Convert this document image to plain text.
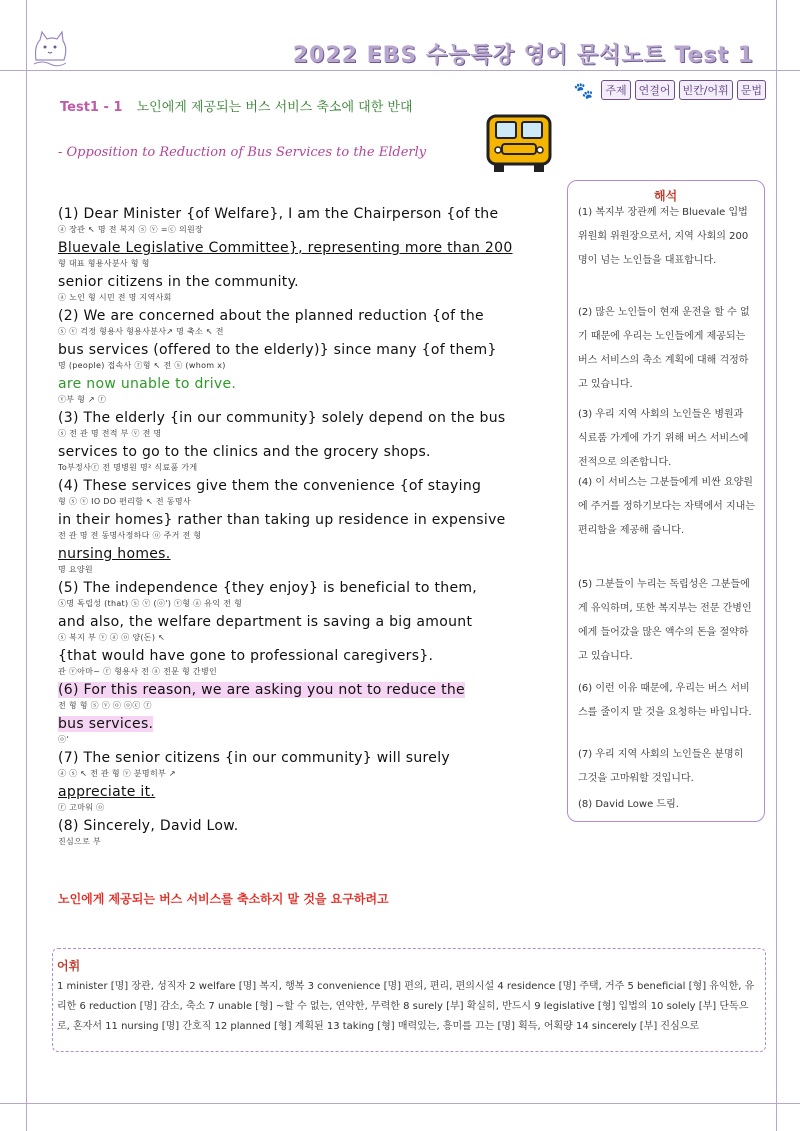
2022 EBS 수능특강 영어 문석노트 Test 1
🐾	주제	연결어	빈칸/어휘	문법
Test1 - 1 노인에게 제공되는 버스 서비스 축소에 대한 반대
- Opposition to Reduction of Bus Services to the Elderly
(1) Dear Minister {of Welfare}, I am the Chairperson {of the
ⓐ 장관 ↖ 명 전 복지 ⓢ ⓥ =ⓒ 의원장
Bluevale Legislative Committee}, representing more than 200
형 대표 형용사분사 형 형
senior citizens in the community.
ⓐ 노인 형 시민 전 명 지역사회
(2) We are concerned about the planned reduction {of the
ⓢ ⓥ 걱정 형용사 형용사분사↗ 명 축소 ↖ 전
bus services (offered to the elderly)} since many {of them}
명 (people) 접속사 ⓡ형 ↖ 전 ⓢ (whom x)
are now unable to drive.
ⓥ부 형 ↗ ⓡ
(3) The elderly {in our community} solely depend on the bus
ⓢ 전 관 명 전적 부 ⓥ 전 명
services to go to the clinics and the grocery shops.
To부정사ⓡ 전 명병원 명² 식료품 가게
(4) These services give them the convenience {of staying
형 ⓢ ⓥ IO DO 편리함 ↖ 전 동명사
in their homes} rather than taking up residence in expensive
전 관 명 전 동명사정하다 ⓞ 주거 전 형
nursing homes.
명 요양원
(5) The independence {they enjoy} is beneficial to them,
ⓢ명 독립성 (that) ⓢ ⓥ (ⓞ') ⓥ형 ⓐ 유익 전 형
and also, the welfare department is saving a big amount
ⓢ 복지 부 ⓥ ⓐ ⓞ 양(돈) ↖
{that would have gone to professional caregivers}.
관 ⓥ아마~ ⓡ 형용사 전 ⓐ 전문 형 간병인
(6) For this reason, we are asking you not to reduce the
전 형 형 ⓢ ⓥ ⓞ ⓞⓒ ⓡ
bus services.
ⓞ'
(7) The senior citizens {in our community} will surely
ⓐ ⓢ ↖ 전 관 형 ⓥ 분명히부 ↗
appreciate it.
ⓡ 고마워 ⓞ
(8) Sincerely, David Low.
진심으로 부
해석
(1) 복지부 장관께 저는 Bluevale 입법 위원회 위원장으로서, 지역 사회의 200명이 넘는 노인들을 대표합니다.
(2) 많은 노인들이 현재 운전을 할 수 없기 때문에 우리는 노인들에게 제공되는 버스 서비스의 축소 계획에 대해 걱정하고 있습니다.
(3) 우리 지역 사회의 노인들은 병원과 식료품 가게에 가기 위해 버스 서비스에 전적으로 의존합니다.
(4) 이 서비스는 그분들에게 비싼 요양원에 주거를 정하기보다는 자택에서 지내는 편리함을 제공해 줍니다.
(5) 그분들이 누리는 독립성은 그분들에게 유익하며, 또한 복지부는 전문 간병인에게 들어갔을 많은 액수의 돈을 절약하고 있습니다.
(6) 이런 이유 때문에, 우리는 버스 서비스를 줄이지 말 것을 요청하는 바입니다.
(7) 우리 지역 사회의 노인들은 분명히 그것을 고마워할 것입니다.
(8) David Lowe 드림.
노인에게 제공되는 버스 서비스를 축소하지 말 것을 요구하려고
어휘
1 minister [명] 장관, 성직자 2 welfare [명] 복지, 행복 3 convenience [명] 편의, 편리, 편의시설 4 residence [명] 주택, 거주 5 beneficial [형] 유익한, 유리한 6 reduction [명] 감소, 축소 7 unable [형] ~할 수 없는, 연약한, 무력한 8 surely [부] 확실히, 반드시 9 legislative [형] 입법의 10 solely [부] 단독으로, 혼자서 11 nursing [명] 간호직 12 planned [형] 계획된 13 taking [형] 매력있는, 흥미를 끄는 [명] 획득, 어획량 14 sincerely [부] 진심으로
